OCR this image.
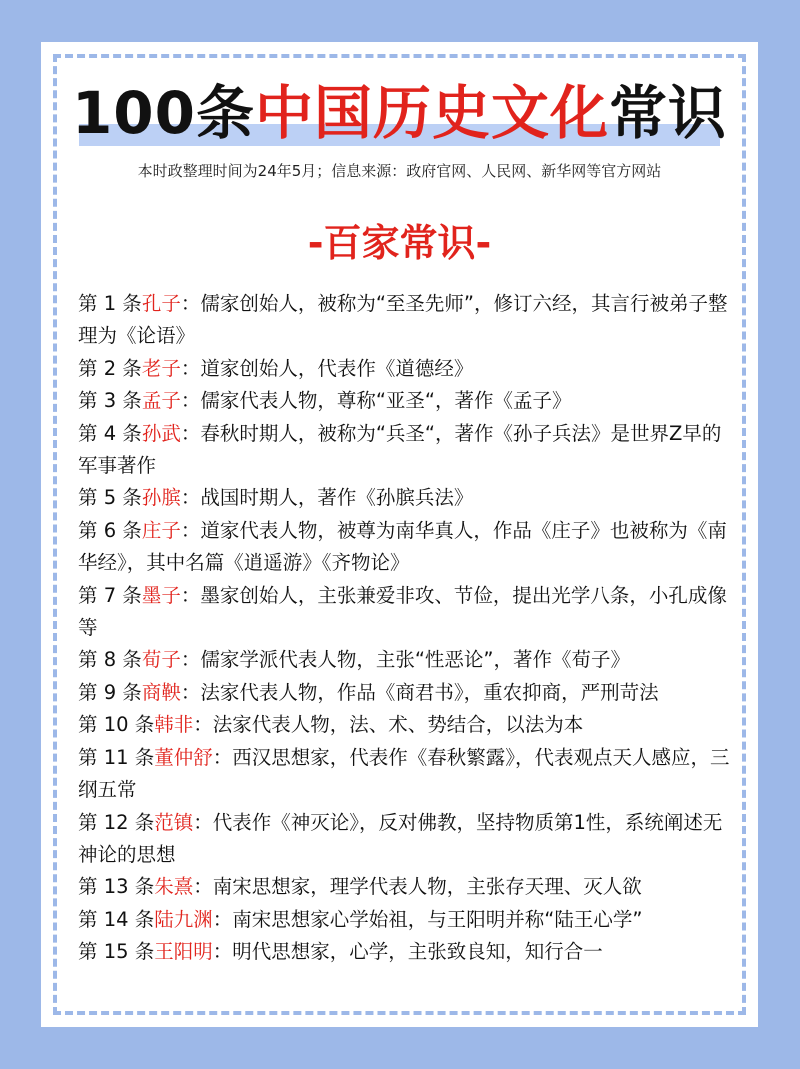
100条中国历史文化常识
本时政整理时间为24年5月；信息来源：政府官网、人民网、新华网等官方网站
-百家常识-

第 1 条孔子：儒家创始人，被称为“至圣先师”，修订六经，其言行被弟子整理为《论语》

第 2 条老子：道家创始人，代表作《道德经》

第 3 条孟子：儒家代表人物，尊称“亚圣“，著作《孟子》

第 4 条孙武：春秋时期人，被称为“兵圣“，著作《孙子兵法》是世界Z早的军事著作

第 5 条孙膑：战国时期人，著作《孙膑兵法》

第 6 条庄子：道家代表人物，被尊为南华真人，作品《庄子》也被称为《南华经》，其中名篇《逍遥游》《齐物论》

第 7 条墨子：墨家创始人，主张兼爱非攻、节俭，提出光学八条，小孔成像等

第 8 条荀子：儒家学派代表人物，主张“性恶论”，著作《荀子》

第 9 条商鞅：法家代表人物，作品《商君书》，重农抑商，严刑苛法

第 10 条韩非：法家代表人物，法、术、势结合，以法为本

第 11 条董仲舒：西汉思想家，代表作《春秋繁露》，代表观点天人感应，三纲五常

第 12 条范镇：代表作《神灭论》，反对佛教，坚持物质第1性，系统阐述无神论的思想

第 13 条朱熹：南宋思想家，理学代表人物，主张存天理、灭人欲

第 14 条陆九渊：南宋思想家心学始祖，与王阳明并称“陆王心学”

第 15 条王阳明：明代思想家，心学，主张致良知，知行合一
